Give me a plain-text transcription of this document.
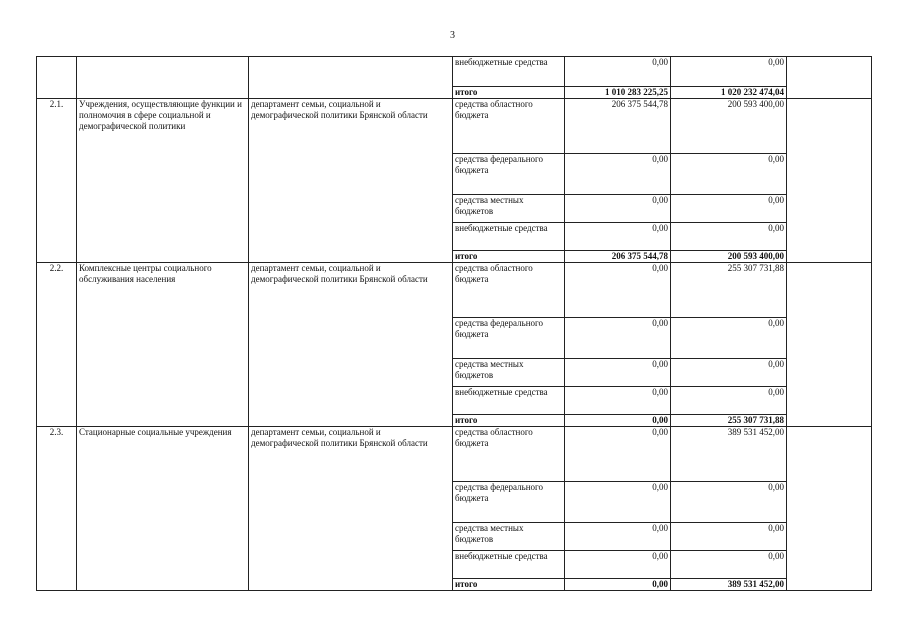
3
			внебюджетные средства	0,00	0,00	
			итого	1 010 283 225,25	1 020 232 474,04	
2.1.	Учреждения, осуществляющие функции и полномочия в сфере социальной и демографической политики	департамент семьи, социальной и демографической политики Брянской области	средства областного бюджета	206 375 544,78	200 593 400,00	
			средства федерального бюджета	0,00	0,00	
			средства местных бюджетов	0,00	0,00	
			внебюджетные средства	0,00	0,00	
			итого	206 375 544,78	200 593 400,00	
2.2.	Комплексные центры социального обслуживания населения	департамент семьи, социальной и демографической политики Брянской области	средства областного бюджета	0,00	255 307 731,88	
			средства федерального бюджета	0,00	0,00	
			средства местных бюджетов	0,00	0,00	
			внебюджетные средства	0,00	0,00	
			итого	0,00	255 307 731,88	
2.3.	Стационарные социальные учреждения	департамент семьи, социальной и демографической политики Брянской области	средства областного бюджета	0,00	389 531 452,00	
			средства федерального бюджета	0,00	0,00	
			средства местных бюджетов	0,00	0,00	
			внебюджетные средства	0,00	0,00	
			итого	0,00	389 531 452,00	
